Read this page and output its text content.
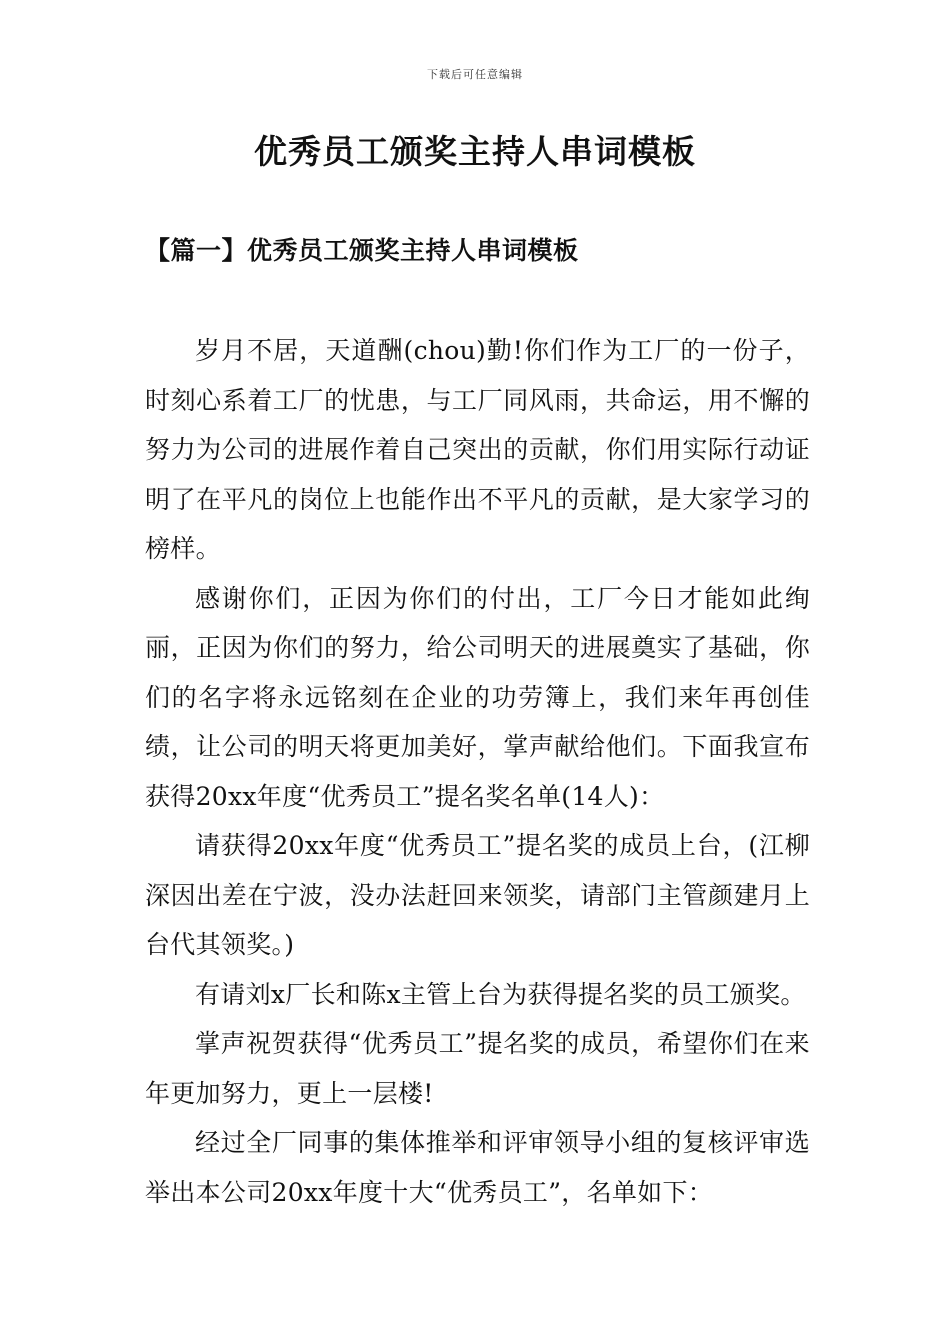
下载后可任意编辑
优秀员工颁奖主持人串词模板
【篇一】优秀员工颁奖主持人串词模板

岁月不居，天道酬(chou)勤!你们作为工厂的一份子，时刻心系着工厂的忧患，与工厂同风雨，共命运，用不懈的努力为公司的进展作着自己突出的贡献，你们用实际行动证明了在平凡的岗位上也能作出不平凡的贡献，是大家学习的榜样。

感谢你们，正因为你们的付出，工厂今日才能如此绚丽，正因为你们的努力，给公司明天的进展奠实了基础，你们的名字将永远铭刻在企业的功劳簿上，我们来年再创佳绩，让公司的明天将更加美好，掌声献给他们。下面我宣布获得20xx年度“优秀员工”提名奖名单(14人)：

请获得20xx年度“优秀员工”提名奖的成员上台，(江柳深因出差在宁波，没办法赶回来领奖，请部门主管颜建月上台代其领奖。)

有请刘x厂长和陈x主管上台为获得提名奖的员工颁奖。

掌声祝贺获得“优秀员工”提名奖的成员，希望你们在来年更加努力，更上一层楼!

经过全厂同事的集体推举和评审领导小组的复核评审选举出本公司20xx年度十大“优秀员工”，名单如下：
